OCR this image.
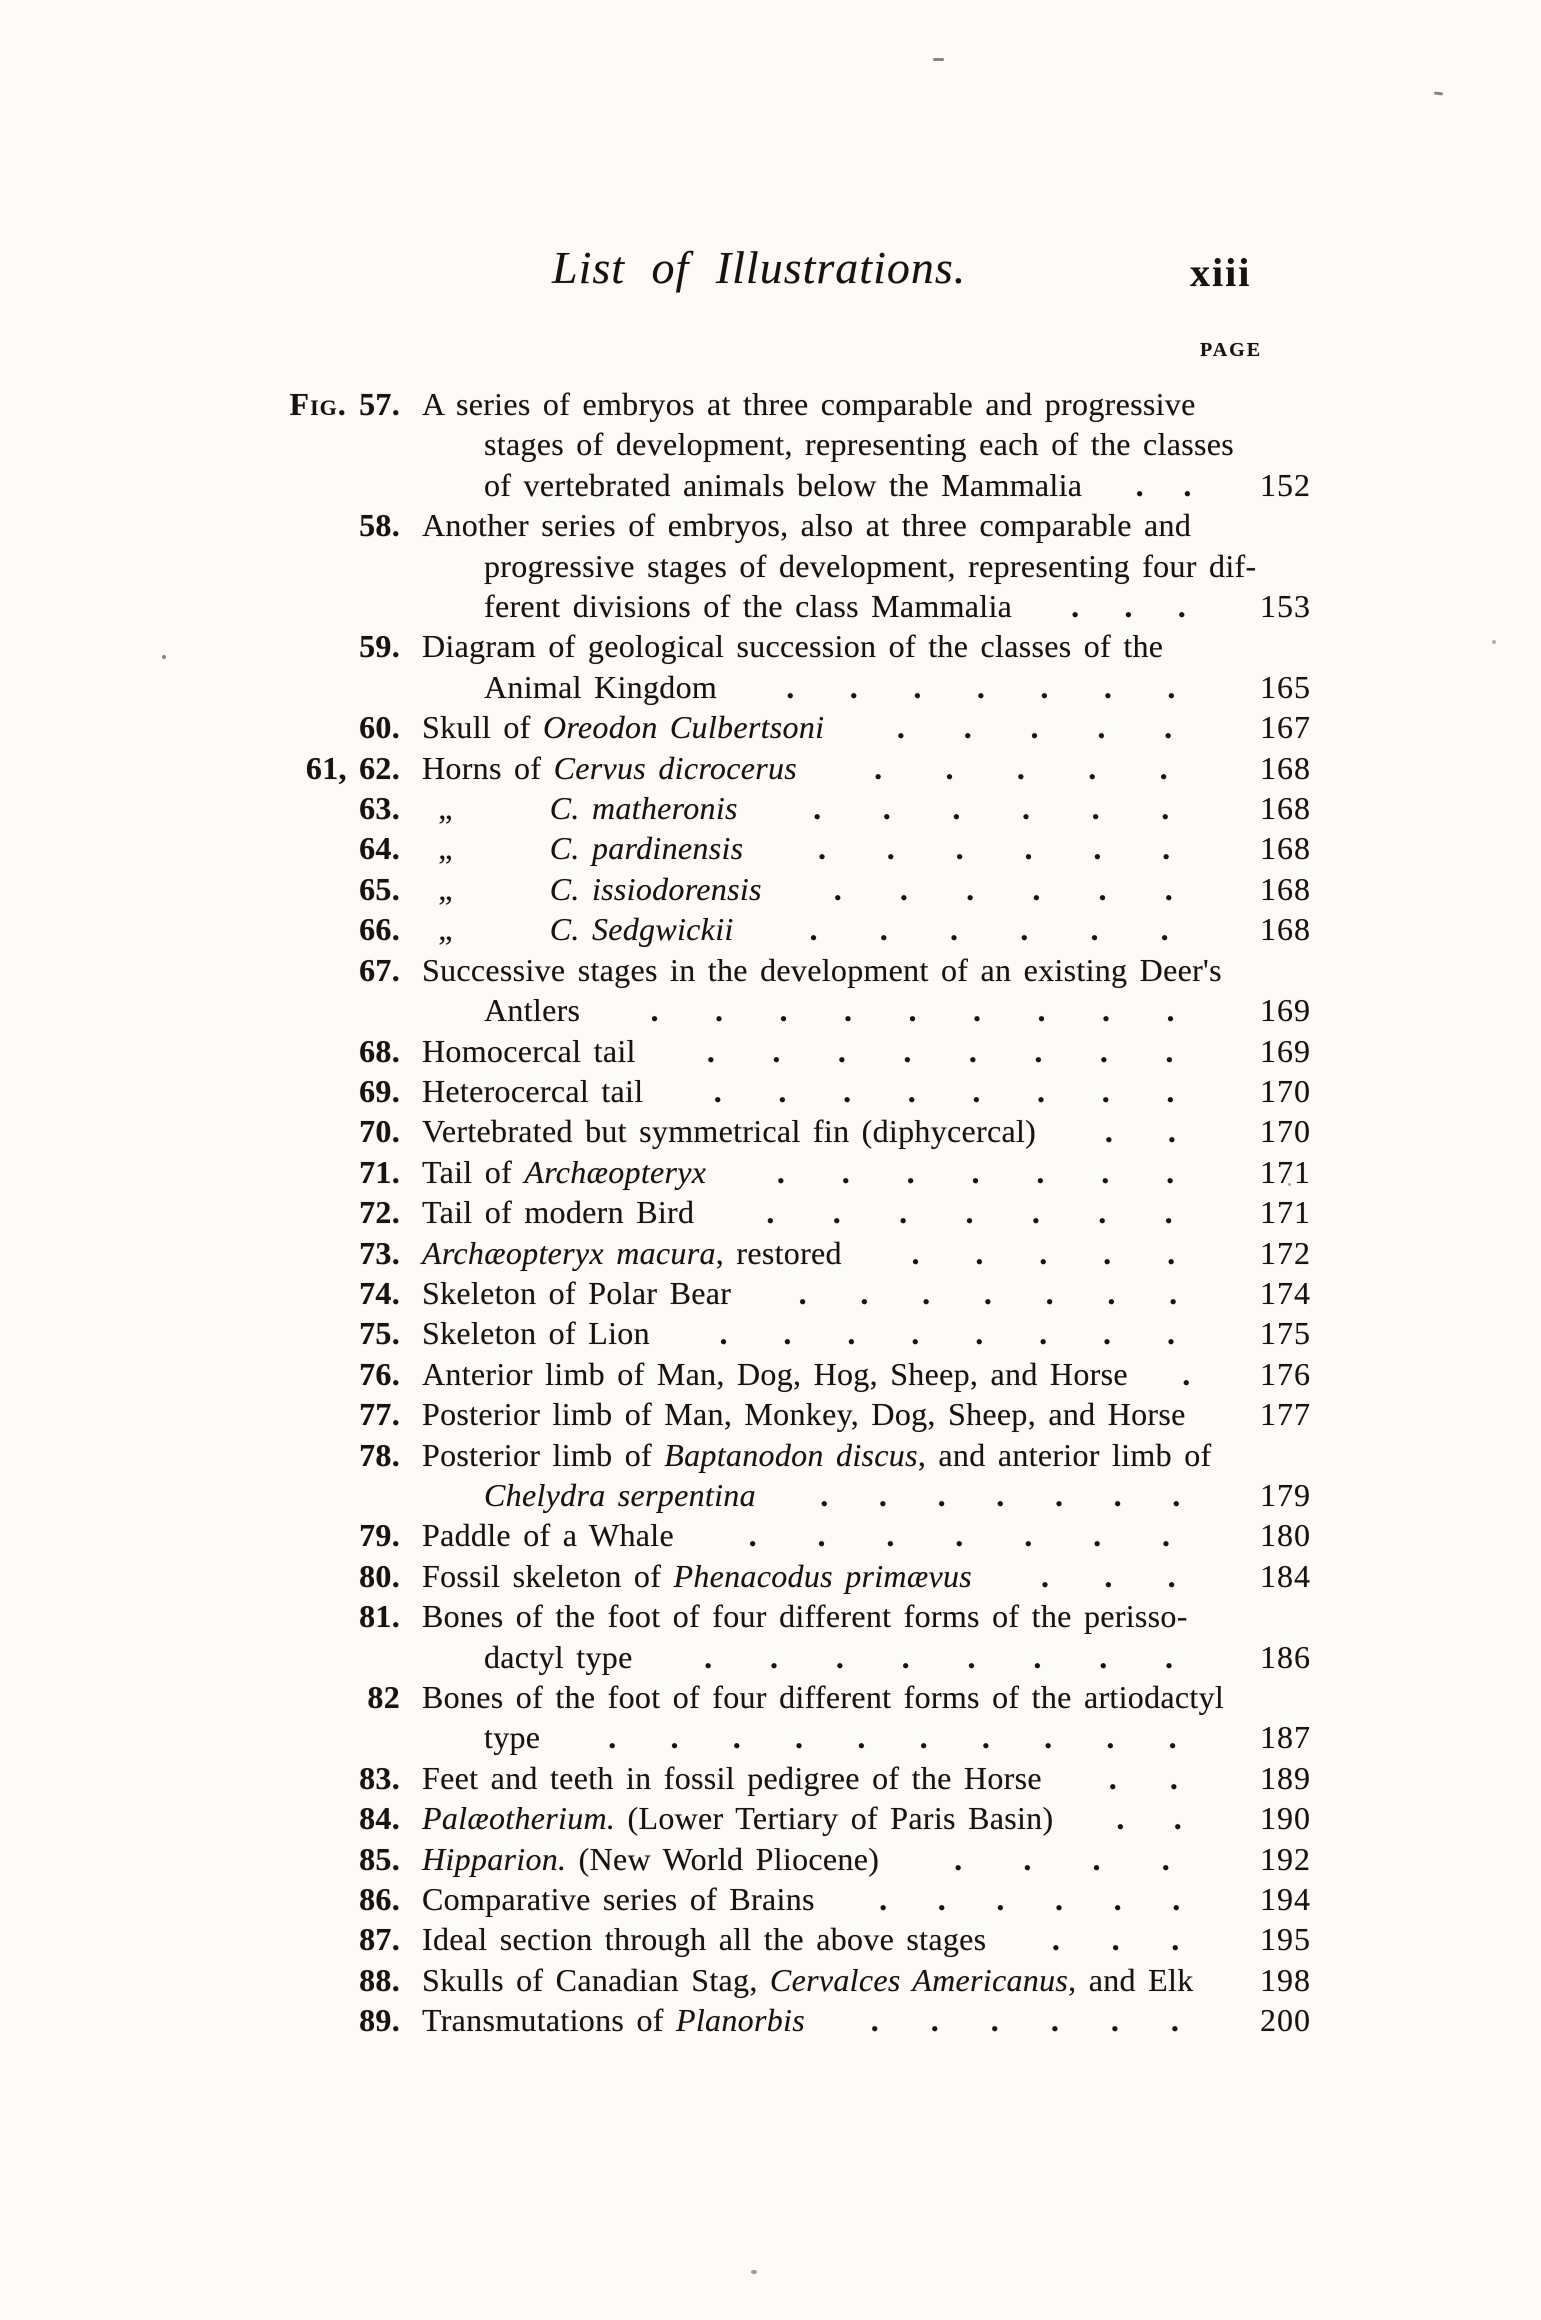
List of Illustrations.	xiii
PAGE
Fig. 57. A series of embryos at three comparable and progressive
stages of development, representing each of the classes
of vertebrated animals below the Mammalia . .	152
58. Another series of embryos, also at three comparable and
progressive stages of development, representing four dif-
ferent divisions of the class Mammalia . . .	153
59. Diagram of geological succession of the classes of the
Animal Kingdom . . . . . . .	165
60. Skull of Oreodon Culbertsoni . . . . .	167
61, 62. Horns of Cervus dicrocerus . . . . .	168
63.  „   C. matheronis . . . . . .	168
64.  „   C. pardinensis . . . . . .	168
65.  „   C. issiodorensis . . . . . .	168
66.  „   C. Sedgwickii . . . . . .	168
67. Successive stages in the development of an existing Deer's
Antlers . . . . . . . . .	169
68. Homocercal tail . . . . . . . .	169
69. Heterocercal tail . . . . . . . .	170
70. Vertebrated but symmetrical fin (diphycercal) . .	170
71. Tail of Archæopteryx . . . . . . .	171
72. Tail of modern Bird . . . . . . .	171
73. Archæopteryx macura, restored . . . . .	172
74. Skeleton of Polar Bear . . . . . . .	174
75. Skeleton of Lion . . . . . . . .	175
76. Anterior limb of Man, Dog, Hog, Sheep, and Horse .	176
77. Posterior limb of Man, Monkey, Dog, Sheep, and Horse	177
78. Posterior limb of Baptanodon discus, and anterior limb of
Chelydra serpentina . . . . . . .	179
79. Paddle of a Whale . . . . . . .	180
80. Fossil skeleton of Phenacodus primævus . . .	184
81. Bones of the foot of four different forms of the perisso-
dactyl type . . . . . . . .	186
82 Bones of the foot of four different forms of the artiodactyl
type . . . . . . . . . .	187
83. Feet and teeth in fossil pedigree of the Horse . .	189
84. Palæotherium. (Lower Tertiary of Paris Basin) . .	190
85. Hipparion. (New World Pliocene) . . . .	192
86. Comparative series of Brains . . . . . .	194
87. Ideal section through all the above stages . . .	195
88. Skulls of Canadian Stag, Cervalces Americanus, and Elk	198
89. Transmutations of Planorbis . . . . . .	200
